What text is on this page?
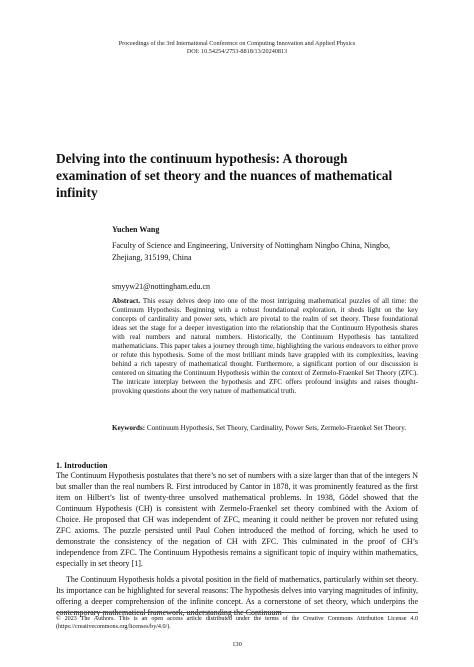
Proceedings of the 3rd International Conference on Computing Innovation and Applied Physics
DOI: 10.54254/2753-8818/13/20240813
Delving into the continuum hypothesis: A thorough examination of set theory and the nuances of mathematical infinity
Yuchen Wang
Faculty of Science and Engineering, University of Nottingham Ningbo China, Ningbo, Zhejiang, 315199, China
smyyw21@nottingham.edu.cn
Abstract. This essay delves deep into one of the most intriguing mathematical puzzles of all time: the Continuum Hypothesis. Beginning with a robust foundational exploration, it sheds light on the key concepts of cardinality and power sets, which are pivotal to the realm of set theory. These foundational ideas set the stage for a deeper investigation into the relationship that the Continuum Hypothesis shares with real numbers and natural numbers. Historically, the Continuum Hypothesis has tantalized mathematicians. This paper takes a journey through time, highlighting the various endeavors to either prove or refute this hypothesis. Some of the most brilliant minds have grappled with its complexities, leaving behind a rich tapestry of mathematical thought. Furthermore, a significant portion of our discussion is centered on situating the Continuum Hypothesis within the context of Zermelo-Fraenkel Set Theory (ZFC). The intricate interplay between the hypothesis and ZFC offers profound insights and raises thought-provoking questions about the very nature of mathematical truth.
Keywords: Continuum Hypothesis, Set Theory, Cardinality, Power Sets, Zermelo-Fraenkel Set Theory.
1. Introduction

The Continuum Hypothesis postulates that there’s no set of numbers with a size larger than that of the integers N but smaller than the real numbers R. First introduced by Cantor in 1878, it was prominently featured as the first item on Hilbert’s list of twenty-three unsolved mathematical problems. In 1938, Gödel showed that the Continuum Hypothesis (CH) is consistent with Zermelo-Fraenkel set theory combined with the Axiom of Choice. He proposed that CH was independent of ZFC, meaning it could neither be proven nor refuted using ZFC axioms. The puzzle persisted until Paul Cohen introduced the method of forcing, which he used to demonstrate the consistency of the negation of CH with ZFC. This culminated in the proof of CH’s independence from ZFC. The Continuum Hypothesis remains a significant topic of inquiry within mathematics, especially in set theory [1].

The Continuum Hypothesis holds a pivotal position in the field of mathematics, particularly within set theory. Its importance can be highlighted for several reasons: The hypothesis delves into varying magnitudes of infinity, offering a deeper comprehension of the infinite concept. As a cornerstone of set theory, which underpins the contemporary mathematical framework, understanding the Continuum

© 2023 The Authors. This is an open access article distributed under the terms of the Creative Commons Attribution License 4.0 (https://creativecommons.org/licenses/by/4.0/).
130
